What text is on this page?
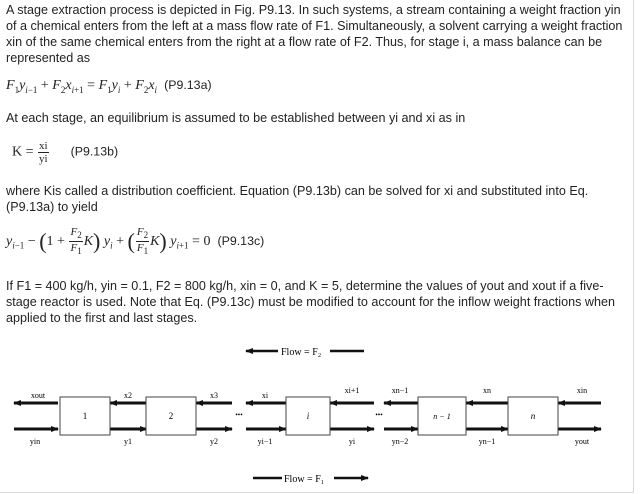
A stage extraction process is depicted in Fig. P9.13. In such systems, a stream containing a weight fraction yin of a chemical enters from the left at a mass flow rate of F1. Simultaneously, a solvent carrying a weight fraction xin of the same chemical enters from the right at a flow rate of F2. Thus, for stage i, a mass balance can be represented as

$F_1y_{i-1} + F_2x_{i+1} = F_1y_i + F_2x_i$ (P9.13a)

At each stage, an equilibrium is assumed to be established between yi and xi as in

$K = \frac{xi}{yi} (P9.13b)$

where Kis called a distribution coefficient. Equation (P9.13b) can be solved for xi and substituted into Eq. (P9.13a) to yield

$y_{i-1} - (1 + \frac{F_2}{F_1} K) y_i$ + ( $\frac{F_2}{F_1} K$) $y_{i+1} = 0$  (P9.13c)

If F1 = 400 kg/h, yin = 0.1, F2 = 800 kg/h, xin = 0, and K = 5, determine the values of yout and xout if a five-stage reactor is used. Note that Eq. (P9.13c) must be modified to account for the inflow weight fractions when applied to the first and last stages.

Flow = F₂
xout	x2	x3	xi
xi+1	xn−1	xn	xin
1	2	i	n − 1	n
•••	•••
yin	y1	y2	yi−1	yi	yn−2	yn−1	yout
Flow = F₁
